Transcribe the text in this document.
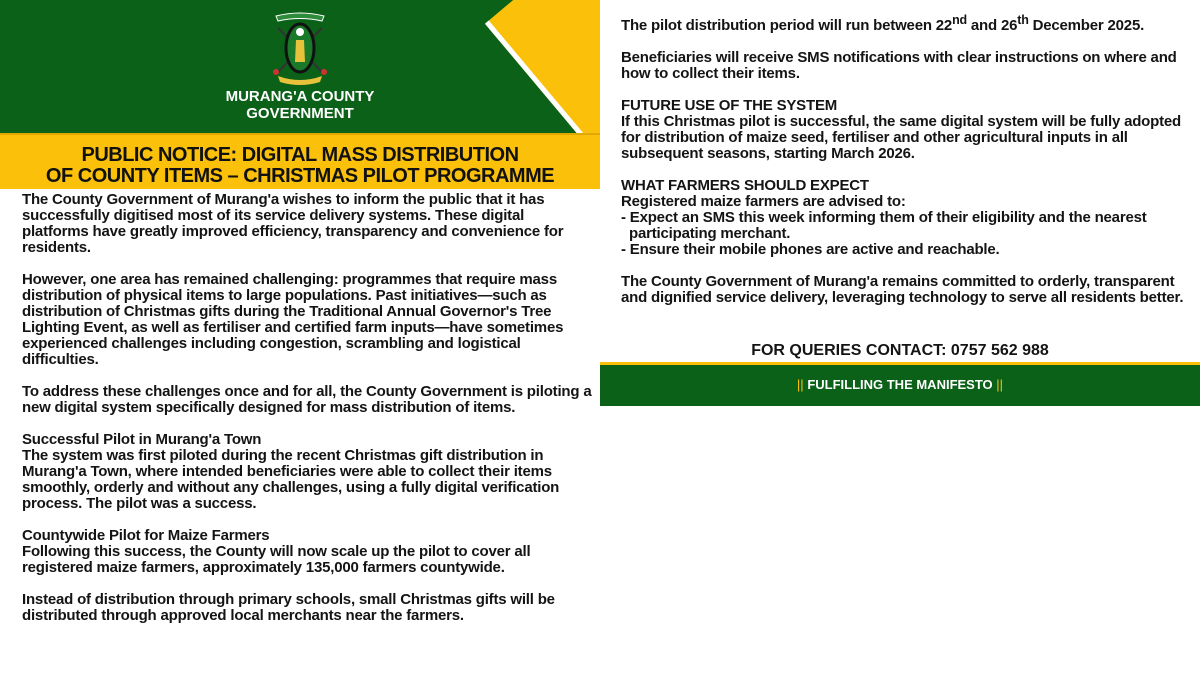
MURANG'A COUNTY
GOVERNMENT
PUBLIC NOTICE: DIGITAL MASS DISTRIBUTION
OF COUNTY ITEMS – CHRISTMAS PILOT PROGRAMME

The County Government of Murang'a wishes to inform the public that it has successfully digitised most of its service delivery systems. These digital platforms have greatly improved efficiency, transparency and convenience for residents.

However, one area has remained challenging: programmes that require mass distribution of physical items to large populations. Past initiatives—such as distribution of Christmas gifts during the Traditional Annual Governor's Tree Lighting Event, as well as fertiliser and certified farm inputs—have sometimes experienced challenges including congestion, scrambling and logistical difficulties.

To address these challenges once and for all, the County Government is piloting a new digital system specifically designed for mass distribution of items.

Successful Pilot in Murang'a Town

The system was first piloted during the recent Christmas gift distribution in Murang'a Town, where intended beneficiaries were able to collect their items smoothly, orderly and without any challenges, using a fully digital verification process. The pilot was a success.

Countywide Pilot for Maize Farmers

Following this success, the County will now scale up the pilot to cover all registered maize farmers, approximately 135,000 farmers countywide.

Instead of distribution through primary schools, small Christmas gifts will be distributed through approved local merchants near the farmers.

The pilot distribution period will run between 22nd and 26th December 2025.

Beneficiaries will receive SMS notifications with clear instructions on where and how to collect their items.

FUTURE USE OF THE SYSTEM

If this Christmas pilot is successful, the same digital system will be fully adopted for distribution of maize seed, fertiliser and other agricultural inputs in all subsequent seasons, starting March 2026.

WHAT FARMERS SHOULD EXPECT
Registered maize farmers are advised to:
- Expect an SMS this week informing them of their eligibility and the nearest participating merchant.

- Ensure their mobile phones are active and reachable.

The County Government of Murang'a remains committed to orderly, transparent and dignified service delivery, leveraging technology to serve all residents better.

FOR QUERIES CONTACT: 0757 562 988
|| FULFILLING THE MANIFESTO ||
